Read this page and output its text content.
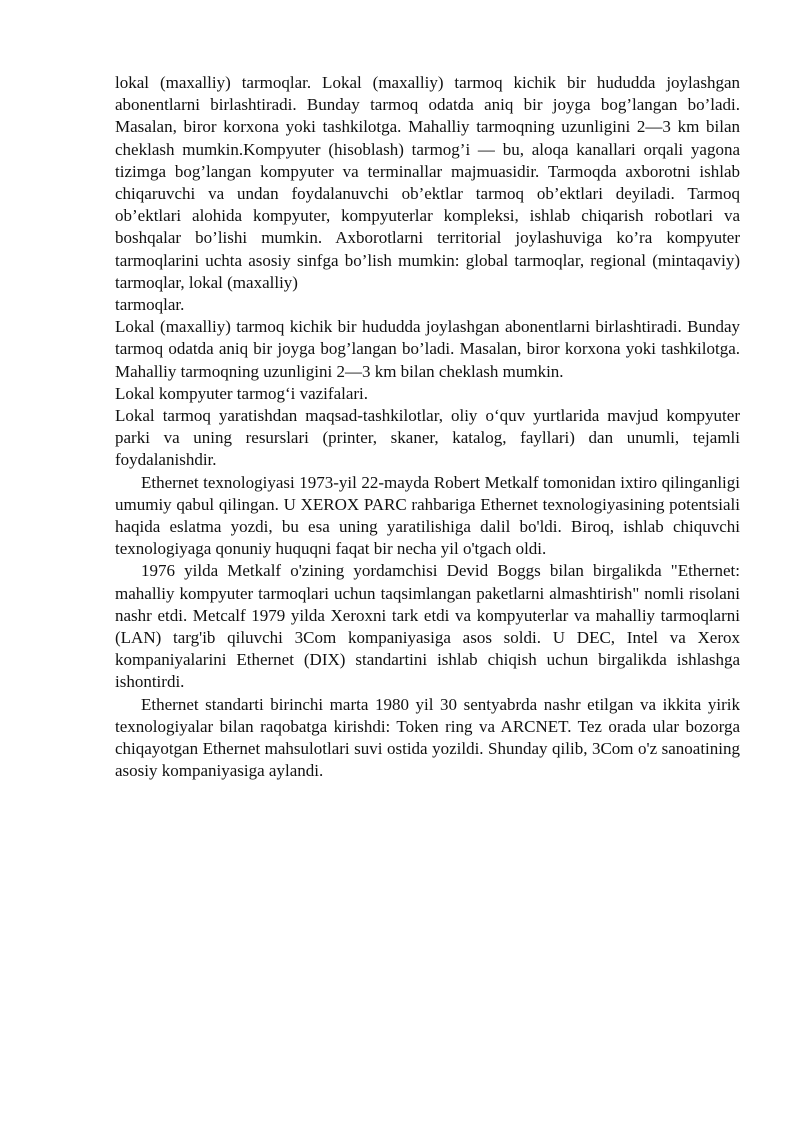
lokal (maxalliy) tarmoqlar. Lokal (maxalliy) tarmoq kichik bir hududda joylashgan abonentlarni birlashtiradi. Bunday tarmoq odatda aniq bir joyga bog’langan bo’ladi. Masalan, biror korxona yoki tashkilotga. Mahalliy tarmoqning uzunligini 2—3 km bilan cheklash mumkin.Kompyuter (hisoblash) tarmog’i — bu, aloqa kanallari orqali yagona tizimga bog’langan kompyuter va terminallar majmuasidir. Tarmoqda axborotni ishlab chiqaruvchi va undan foydalanuvchi ob’ektlar tarmoq ob’ektlari deyiladi. Tarmoq ob’ektlari alohida kompyuter, kompyuterlar kompleksi, ishlab chiqarish robotlari va boshqalar bo’lishi mumkin. Axborotlarni territorial joylashuviga ko’ra kompyuter tarmoqlarini uchta asosiy sinfga bo’lish mumkin: global tarmoqlar, regional (mintaqaviy) tarmoqlar, lokal (maxalliy)

tarmoqlar.

Lokal (maxalliy) tarmoq kichik bir hududda joylashgan abonentlarni birlashtiradi. Bunday tarmoq odatda aniq bir joyga bog’langan bo’ladi. Masalan, biror korxona yoki tashkilotga. Mahalliy tarmoqning uzunligini 2—3 km bilan cheklash mumkin.

Lokal kompyuter tarmog‘i vazifalari.

Lokal tarmoq yaratishdan maqsad-tashkilotlar, oliy o‘quv yurtlarida mavjud kompyuter parki va uning resurslari (printer, skaner, katalog, fayllari) dan unumli, tejamli foydalanishdir.

Ethernet texnologiyasi 1973-yil 22-mayda Robert Metkalf tomonidan ixtiro qilinganligi umumiy qabul qilingan. U XEROX PARC rahbariga Ethernet texnologiyasining potentsiali haqida eslatma yozdi, bu esa uning yaratilishiga dalil bo'ldi. Biroq, ishlab chiquvchi texnologiyaga qonuniy huquqni faqat bir necha yil o'tgach oldi.

1976 yilda Metkalf o'zining yordamchisi Devid Boggs bilan birgalikda "Ethernet: mahalliy kompyuter tarmoqlari uchun taqsimlangan paketlarni almashtirish" nomli risolani nashr etdi. Metcalf 1979 yilda Xeroxni tark etdi va kompyuterlar va mahalliy tarmoqlarni (LAN) targ'ib qiluvchi 3Com kompaniyasiga asos soldi. U DEC, Intel va Xerox kompaniyalarini Ethernet (DIX) standartini ishlab chiqish uchun birgalikda ishlashga ishontirdi.

Ethernet standarti birinchi marta 1980 yil 30 sentyabrda nashr etilgan va ikkita yirik texnologiyalar bilan raqobatga kirishdi: Token ring va ARCNET. Tez orada ular bozorga chiqayotgan Ethernet mahsulotlari suvi ostida yozildi. Shunday qilib, 3Com o'z sanoatining asosiy kompaniyasiga aylandi.
